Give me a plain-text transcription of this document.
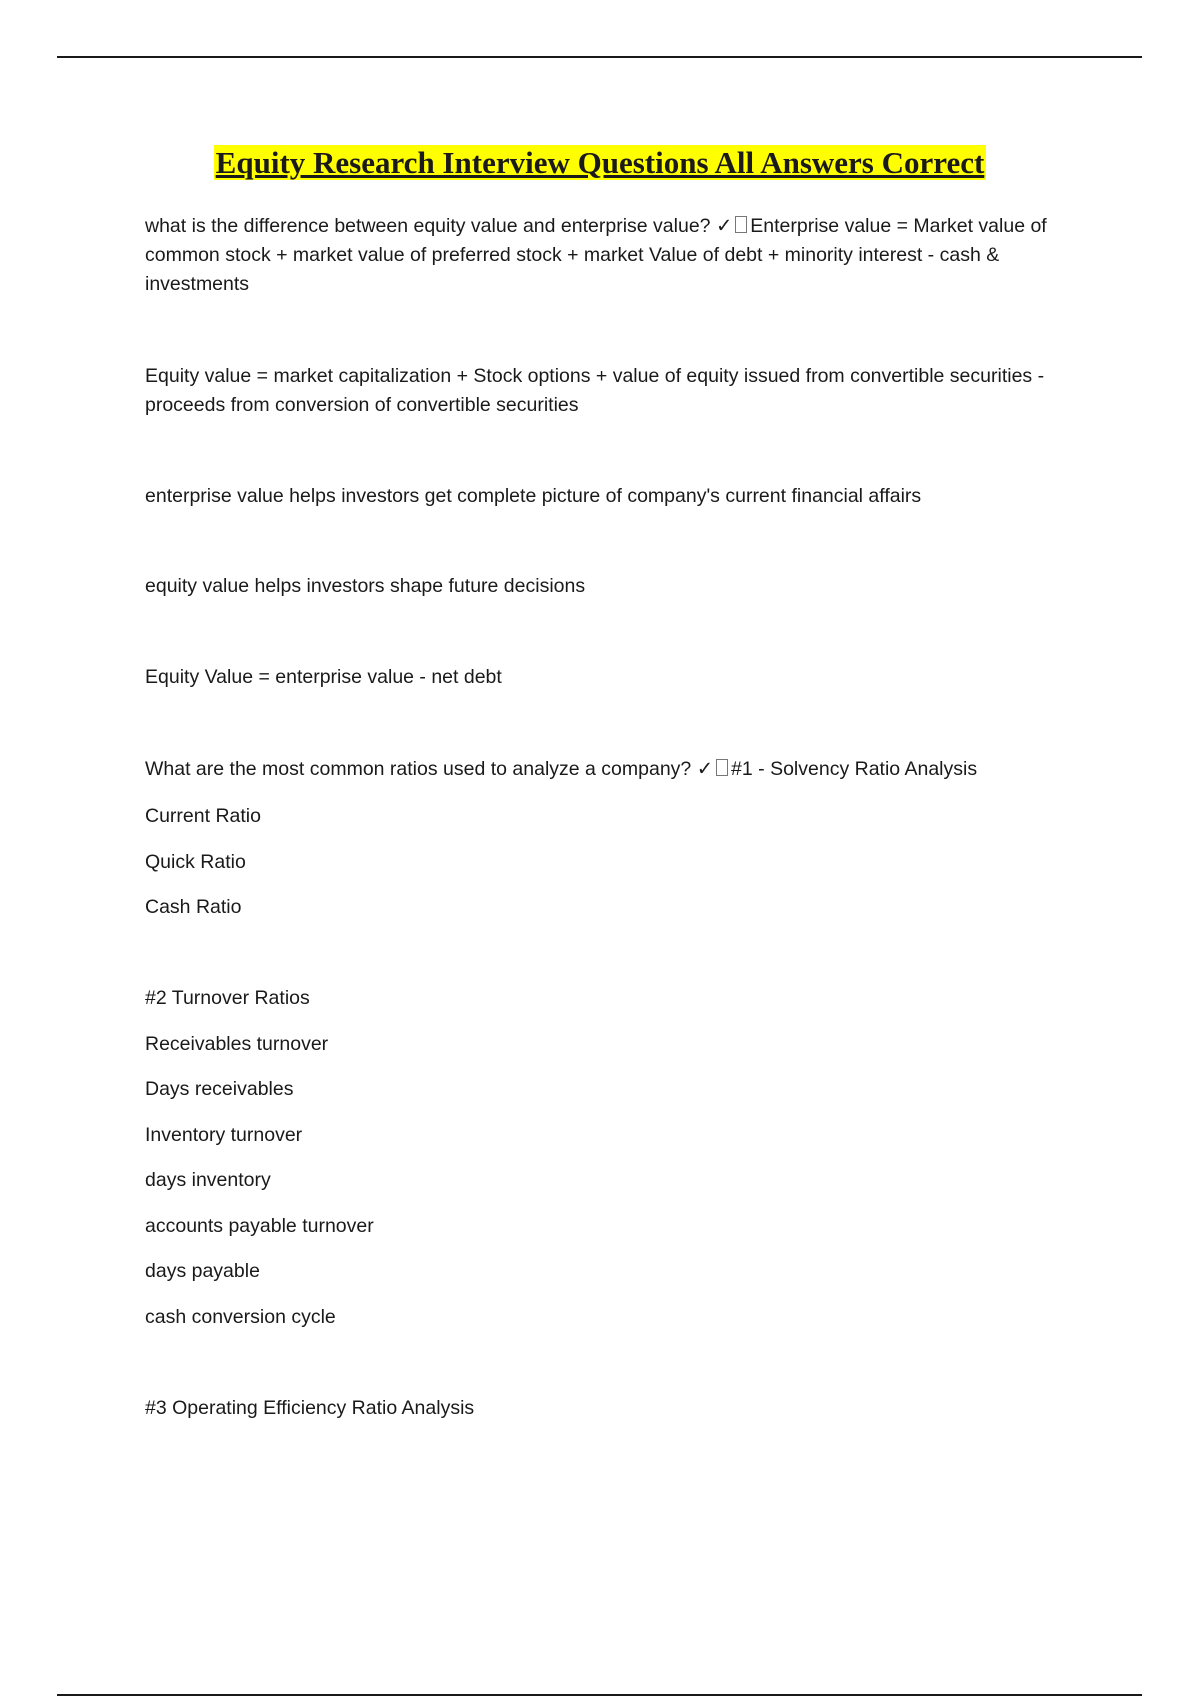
Equity Research Interview Questions All Answers Correct
what is the difference between equity value and enterprise value? ✓ Enterprise value = Market value of common stock + market value of preferred stock + market Value of debt + minority interest - cash & investments
Equity value = market capitalization + Stock options + value of equity issued from convertible securities - proceeds from conversion of convertible securities
enterprise value helps investors get complete picture of company's current financial affairs
equity value helps investors shape future decisions
Equity Value = enterprise value - net debt
What are the most common ratios used to analyze a company? ✓ #1 - Solvency Ratio Analysis
Current Ratio
Quick Ratio
Cash Ratio
#2 Turnover Ratios
Receivables turnover
Days receivables
Inventory turnover
days inventory
accounts payable turnover
days payable
cash conversion cycle
#3 Operating Efficiency Ratio Analysis
